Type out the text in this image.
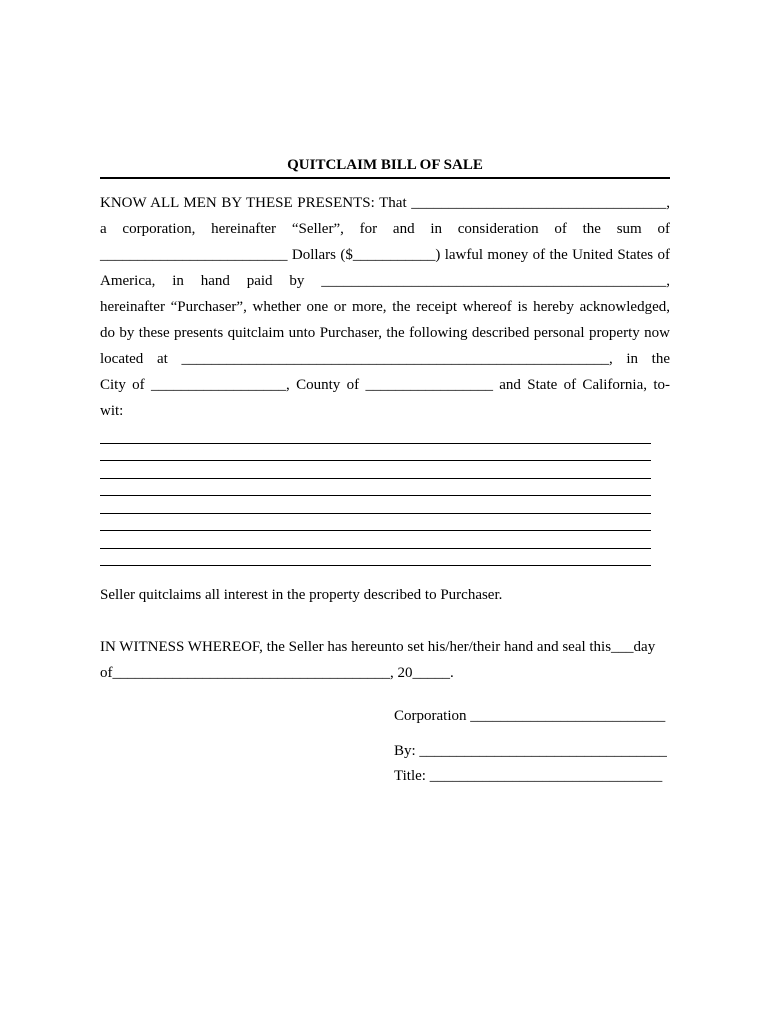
QUITCLAIM BILL OF SALE
KNOW ALL MEN BY THESE PRESENTS: That __________________________________,
a corporation, hereinafter “Seller”, for and in consideration of the sum of
_________________________ Dollars ($___________) lawful money of the United States of
America, in hand paid by ______________________________________________,
hereinafter “Purchaser”, whether one or more, the receipt whereof is hereby acknowledged,
do by these presents quitclaim unto Purchaser, the following described personal property now
located at _________________________________________________________, in the
City of __________________, County of _________________ and State of California, to-
wit:
Seller quitclaims all interest in the property described to Purchaser.
IN WITNESS WHEREOF, the Seller has hereunto set his/her/their hand and seal this___day
of_____________________________________, 20_____.
Corporation __________________________
By: _________________________________
Title: _______________________________
